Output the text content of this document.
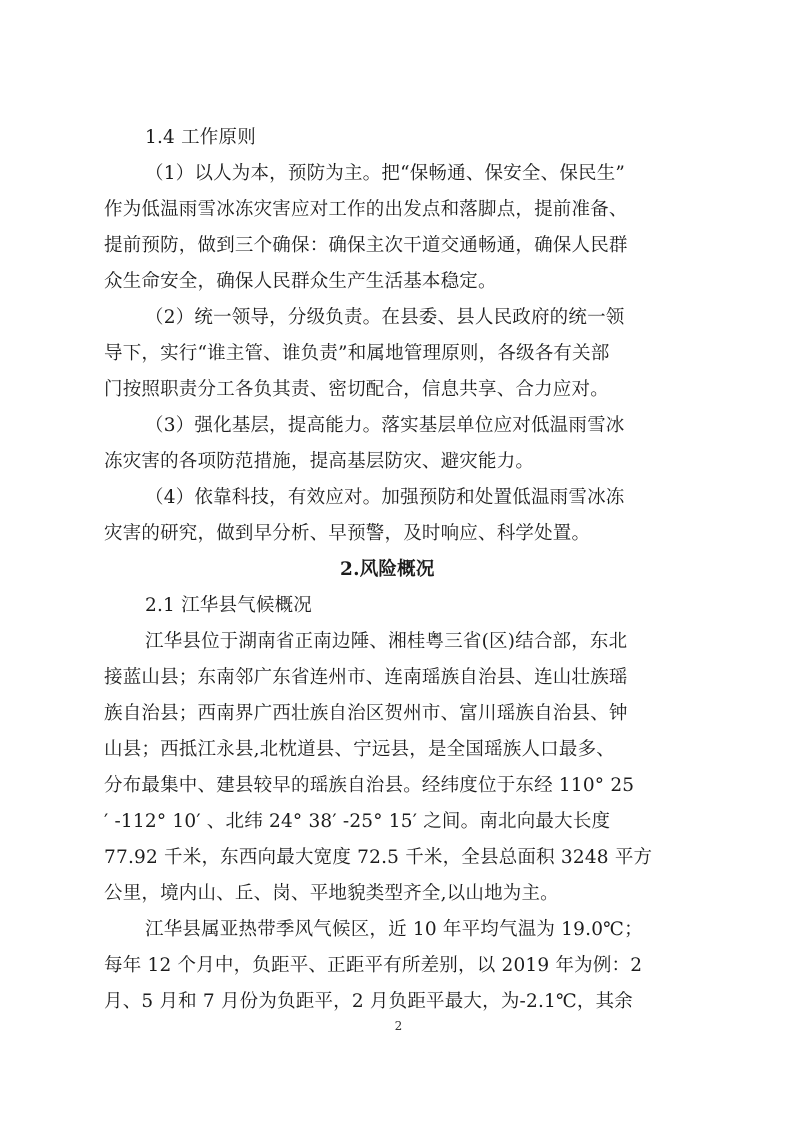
1.4 工作原则
（1）以人为本，预防为主。把“保畅通、保安全、保民生”
作为低温雨雪冰冻灾害应对工作的出发点和落脚点，提前准备、
提前预防，做到三个确保：确保主次干道交通畅通，确保人民群
众生命安全，确保人民群众生产生活基本稳定。
（2）统一领导，分级负责。在县委、县人民政府的统一领
导下，实行“谁主管、谁负责”和属地管理原则，各级各有关部
门按照职责分工各负其责、密切配合，信息共享、合力应对。
（3）强化基层，提高能力。落实基层单位应对低温雨雪冰
冻灾害的各项防范措施，提高基层防灾、避灾能力。
（4）依靠科技，有效应对。加强预防和处置低温雨雪冰冻
灾害的研究，做到早分析、早预警，及时响应、科学处置。
2.风险概况
2.1 江华县气候概况
江华县位于湖南省正南边陲、湘桂粤三省(区)结合部，东北
接蓝山县；东南邻广东省连州市、连南瑶族自治县、连山壮族瑶
族自治县；西南界广西壮族自治区贺州市、富川瑶族自治县、钟
山县；西抵江永县,北枕道县、宁远县，是全国瑶族人口最多、
分布最集中、建县较早的瑶族自治县。经纬度位于东经 110° 25
′ -112° 10′ 、北纬 24° 38′ -25° 15′ 之间。南北向最大长度
77.92 千米，东西向最大宽度 72.5 千米，全县总面积 3248 平方
公里，境内山、丘、岗、平地貌类型齐全,以山地为主。
江华县属亚热带季风气候区，近 10 年平均气温为 19.0℃；
每年 12 个月中，负距平、正距平有所差别，以 2019 年为例：2
月、5 月和 7 月份为负距平，2 月负距平最大，为-2.1℃，其余
2
